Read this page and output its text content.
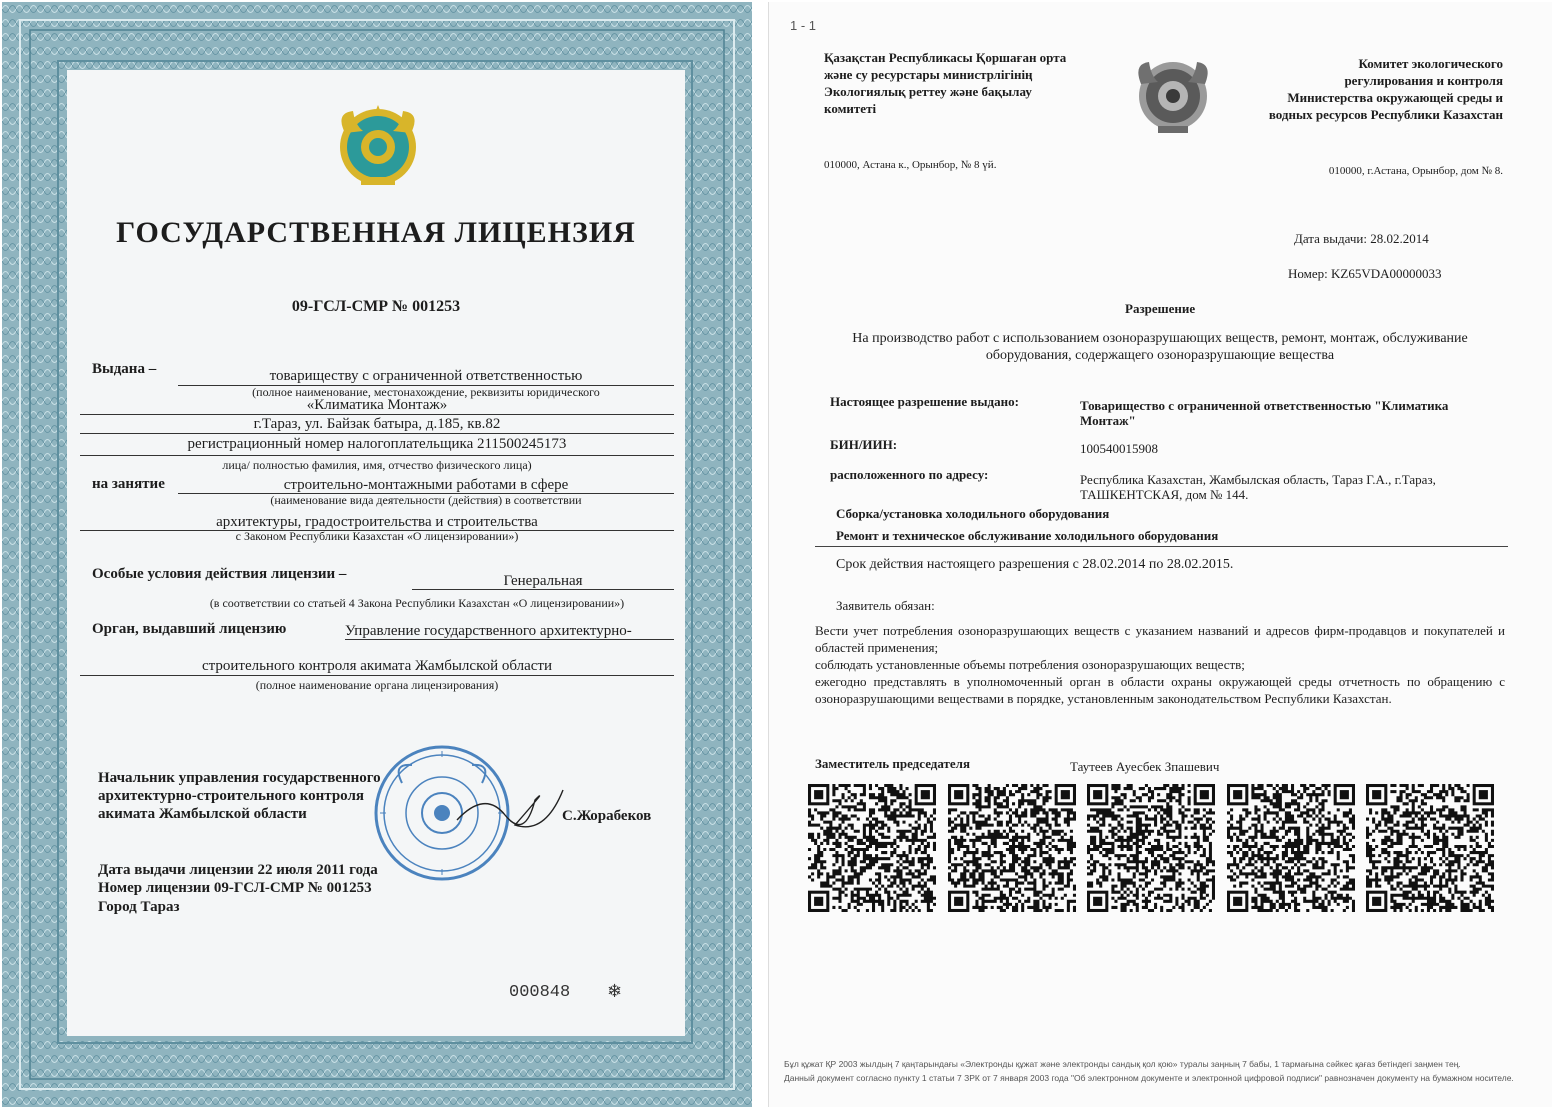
ГОСУДАРСТВЕННАЯ ЛИЦЕНЗИЯ
09-ГСЛ-СМР № 001253
Выдана –	товариществу с ограниченной ответственностью
(полное наименование, местонахождение, реквизиты юридического
«Климатика Монтаж»
г.Тараз, ул. Байзак батыра, д.185, кв.82
регистрационный номер налогоплательщика 211500245173
лица/ полностью фамилия, имя, отчество физического лица)
на занятие	строительно-монтажными работами в сфере
(наименование вида деятельности (действия) в соответствии
архитектуры, градостроительства и строительства
с Законом Республики Казахстан «О лицензировании»)
Особые условия действия лицензии –	Генеральная
(в соответствии со статьей 4 Закона Республики Казахстан «О лицензировании»)
Орган, выдавший лицензию	Управление государственного архитектурно-
строительного контроля акимата Жамбылской области
(полное наименование органа лицензирования)
Начальник управления государственного
архитектурно-строительного контроля
акимата Жамбылской области	С.Жорабеков
Дата выдачи лицензии 22 июля 2011 года
Номер лицензии 09-ГСЛ-СМР № 001253
Город Тараз
000848 ❄
1 - 1
Қазақстан Республикасы Қоршаған орта
және су ресурстары министрлігінің
Экологиялық реттеу және бақылау
комитеті
Комитет экологического
регулирования и контроля
Министерства окружающей среды и
водных ресурсов Республики Казахстан
010000, Астана к., Орынбор, № 8 үй.	010000, г.Астана, Орынбор, дом № 8.
Дата выдачи: 28.02.2014
Номер: KZ65VDA00000033
Разрешение
На производство работ с использованием озоноразрушающих веществ, ремонт, монтаж, обслуживание
оборудования, содержащего озоноразрушающие вещества
Настоящее разрешение выдано:	Товарищество с ограниченной ответственностью "Климатика
Монтаж"
БИН/ИИН:	100540015908
расположенного по адресу:	Республика Казахстан, Жамбылская область, Тараз Г.А., г.Тараз,
ТАШКЕНТСКАЯ, дом № 144.
Сборка/установка холодильного оборудования
Ремонт и техническое обслуживание холодильного оборудования
Срок действия настоящего разрешения с 28.02.2014 по 28.02.2015.
Заявитель обязан:
Вести учет потребления озоноразрушающих веществ с указанием названий и адресов фирм-продавцов и покупателей и областей применения;
соблюдать установленные объемы потребления озоноразрушающих веществ;
ежегодно представлять в уполномоченный орган в области охраны окружающей среды отчетность по обращению с озоноразрушающими веществами в порядке, установленным законодательством Республики Казахстан.
Заместитель председателя	Таутеев Ауесбек Зпашевич
Бұл құжат ҚР 2003 жылдың 7 қаңтарындағы «Электронды құжат және электронды сандық қол қою» туралы заңның 7 бабы, 1 тармағына сәйкес қағаз бетіндегі заңмен тең.
Данный документ согласно пункту 1 статьи 7 ЗРК от 7 января 2003 года "Об электронном документе и электронной цифровой подписи" равнозначен документу на бумажном носителе.
